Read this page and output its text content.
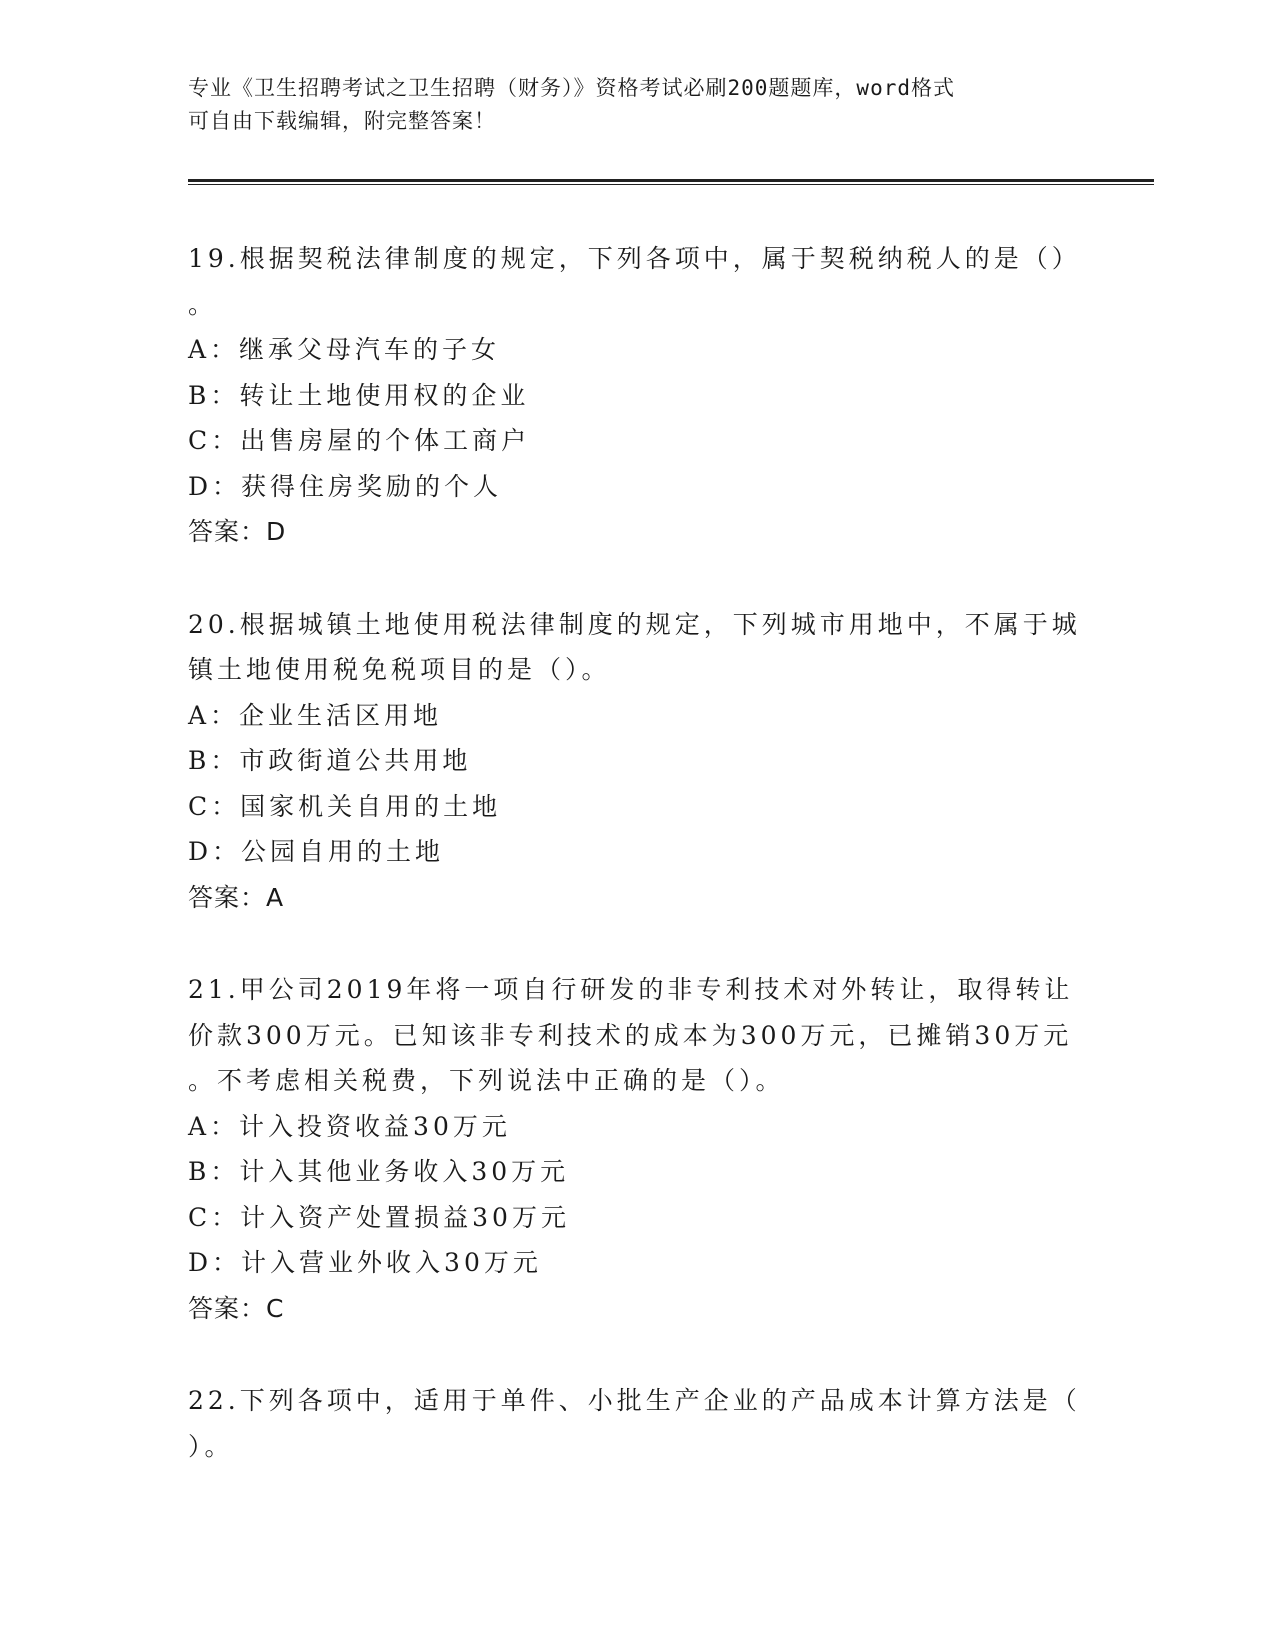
专业《卫生招聘考试之卫生招聘（财务）》资格考试必刷200题题库，word格式
可自由下载编辑，附完整答案！
19.根据契税法律制度的规定，下列各项中，属于契税纳税人的是（）
。
A：继承父母汽车的子女
B：转让土地使用权的企业
C：出售房屋的个体工商户
D：获得住房奖励的个人
答案：D
20.根据城镇土地使用税法律制度的规定，下列城市用地中，不属于城
镇土地使用税免税项目的是（）。
A：企业生活区用地
B：市政街道公共用地
C：国家机关自用的土地
D：公园自用的土地
答案：A
21.甲公司2019年将一项自行研发的非专利技术对外转让，取得转让
价款300万元。已知该非专利技术的成本为300万元，已摊销30万元
。不考虑相关税费，下列说法中正确的是（）。
A：计入投资收益30万元
B：计入其他业务收入30万元
C：计入资产处置损益30万元
D：计入营业外收入30万元
答案：C
22.下列各项中，适用于单件、小批生产企业的产品成本计算方法是（
）。
